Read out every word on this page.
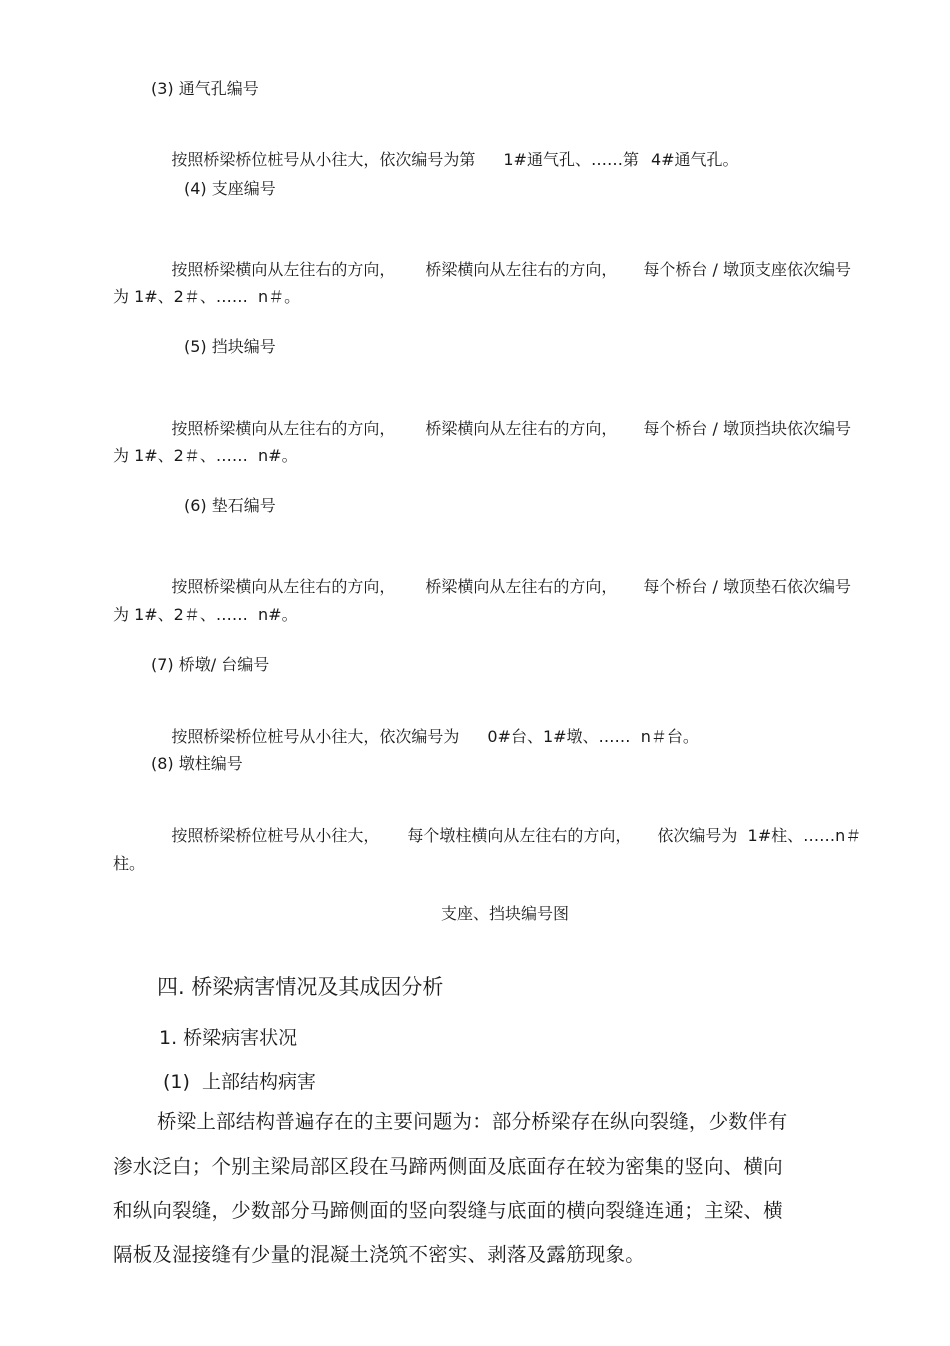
(3) 通气孔编号

按照桥梁桥位桩号从小往大，依次编号为第 1#通气孔、……第 4#通气孔。

(4) 支座编号

按照桥梁横向从左往右的方向， 桥梁横向从左往右的方向， 每个桥台 / 墩顶支座依次编号

为 1#、2＃、……  n＃。
(5) 挡块编号

按照桥梁横向从左往右的方向， 桥梁横向从左往右的方向， 每个桥台 / 墩顶挡块依次编号

为 1#、2＃、……  n#。
(6) 垫石编号

按照桥梁横向从左往右的方向， 桥梁横向从左往右的方向， 每个桥台 / 墩顶垫石依次编号

为 1#、2＃、……  n#。
(7) 桥墩/ 台编号

按照桥梁桥位桩号从小往大，依次编号为 0#台、1#墩、……  n＃台。

(8) 墩柱编号

按照桥梁桥位桩号从小往大， 每个墩柱横向从左往右的方向， 依次编号为  1#柱、……n＃

柱。
支座、挡块编号图
四. 桥梁病害情况及其成因分析
1. 桥梁病害状况
(1)  上部结构病害
桥梁上部结构普遍存在的主要问题为：部分桥梁存在纵向裂缝，少数伴有
渗水泛白；个别主梁局部区段在马蹄两侧面及底面存在较为密集的竖向、横向
和纵向裂缝，少数部分马蹄侧面的竖向裂缝与底面的横向裂缝连通；主梁、横
隔板及湿接缝有少量的混凝土浇筑不密实、剥落及露筋现象。
